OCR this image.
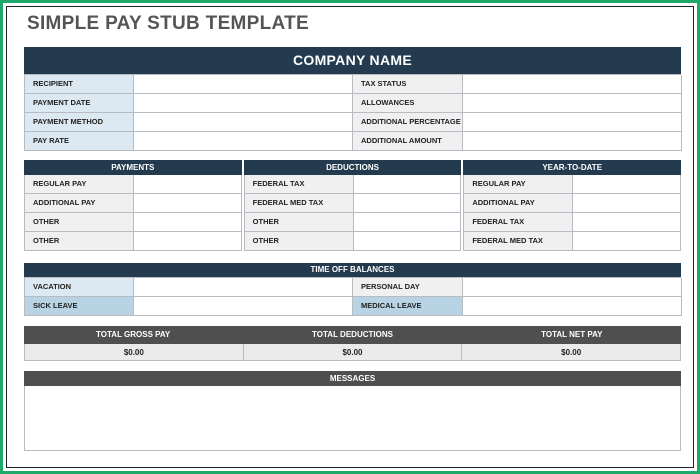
SIMPLE PAY STUB TEMPLATE
COMPANY NAME
RECIPIENT	TAX STATUS
PAYMENT DATE	ALLOWANCES
PAYMENT METHOD	ADDITIONAL PERCENTAGE
PAY RATE	ADDITIONAL AMOUNT
PAYMENTS
REGULAR PAY
ADDITIONAL PAY
OTHER
OTHER
DEDUCTIONS
FEDERAL TAX
FEDERAL MED TAX
OTHER
OTHER
YEAR-TO-DATE
REGULAR PAY
ADDITIONAL PAY
FEDERAL TAX
FEDERAL MED TAX
TIME OFF BALANCES
VACATION	PERSONAL DAY
SICK LEAVE	MEDICAL LEAVE
TOTAL GROSS PAY	TOTAL DEDUCTIONS	TOTAL NET PAY
$0.00	$0.00	$0.00
MESSAGES
